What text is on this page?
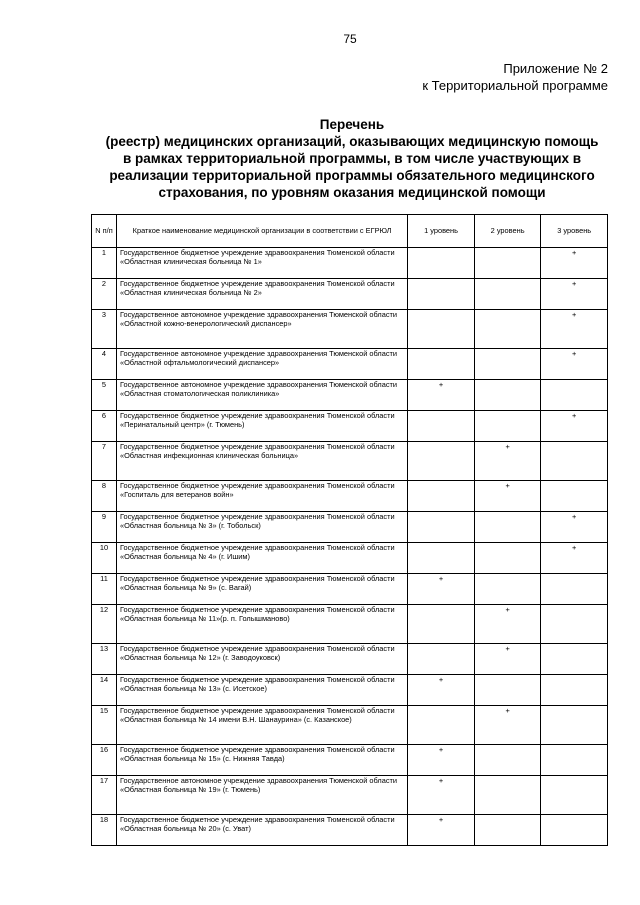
75
Приложение № 2
к Территориальной программе
Перечень
(реестр) медицинских организаций, оказывающих медицинскую помощь
в рамках территориальной программы, в том числе участвующих в
реализации территориальной программы обязательного медицинского
страхования, по уровням оказания медицинской помощи
N п/п	Краткое наименование медицинской организации в соответствии с ЕГРЮЛ	1 уровень	2 уровень	3 уровень
1	Государственное бюджетное учреждение здравоохранения Тюменской области «Областная клиническая больница № 1»			+
2	Государственное бюджетное учреждение здравоохранения Тюменской области «Областная клиническая больница № 2»			+
3	Государственное автономное учреждение здравоохранения Тюменской области «Областной кожно-венерологический диспансер»			+
4	Государственное автономное учреждение здравоохранения Тюменской области «Областной офтальмологический диспансер»			+
5	Государственное автономное учреждение здравоохранения Тюменской области «Областная стоматологическая поликлиника»	+		
6	Государственное бюджетное учреждение здравоохранения Тюменской области «Перинатальный центр» (г. Тюмень)			+
7	Государственное бюджетное учреждение здравоохранения Тюменской области «Областная инфекционная клиническая больница»		+	
8	Государственное бюджетное учреждение здравоохранения Тюменской области «Госпиталь для ветеранов войн»		+	
9	Государственное бюджетное учреждение здравоохранения Тюменской области «Областная больница № 3» (г. Тобольск)			+
10	Государственное бюджетное учреждение здравоохранения Тюменской области «Областная больница № 4» (г. Ишим)			+
11	Государственное бюджетное учреждение здравоохранения Тюменской области «Областная больница № 9» (с. Вагай)	+		
12	Государственное бюджетное учреждение здравоохранения Тюменской области «Областная больница № 11»(р. п. Голышманово)		+	
13	Государственное бюджетное учреждение здравоохранения Тюменской области «Областная больница № 12» (г. Заводоуковск)		+	
14	Государственное бюджетное учреждение здравоохранения Тюменской области «Областная больница № 13» (с. Исетское)	+		
15	Государственное бюджетное учреждение здравоохранения Тюменской области «Областная больница № 14 имени В.Н. Шанаурина» (с. Казанское)		+	
16	Государственное бюджетное учреждение здравоохранения Тюменской области «Областная больница № 15» (с. Нижняя Тавда)	+		
17	Государственное автономное учреждение здравоохранения Тюменской области «Областная больница № 19» (г. Тюмень)	+		
18	Государственное бюджетное учреждение здравоохранения Тюменской области «Областная больница № 20» (с. Уват)	+		
